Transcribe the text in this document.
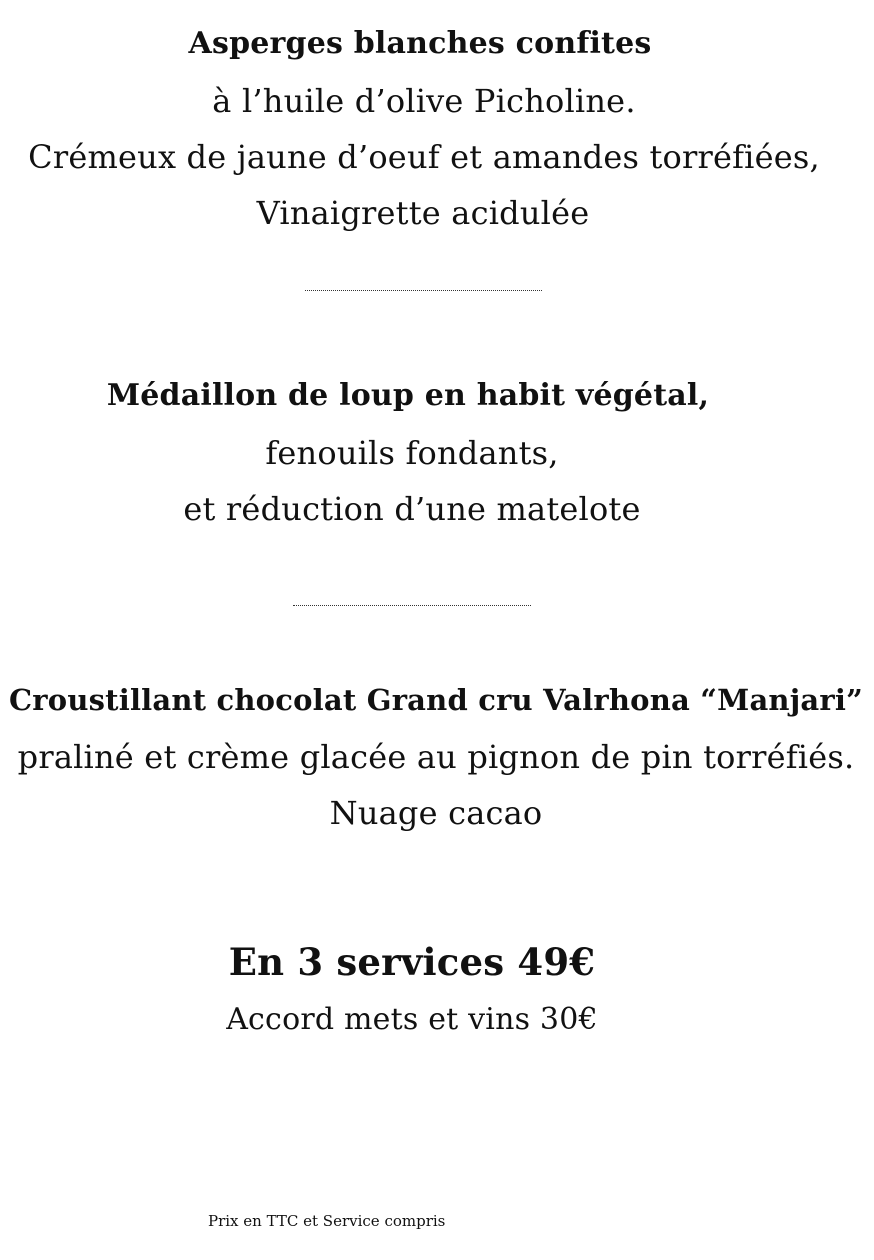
Asperges blanches confites
à l’huile d’olive Picholine.
Crémeux de jaune d’oeuf et amandes torréfiées,
Vinaigrette acidulée
Médaillon de loup en habit végétal,
fenouils fondants,
et réduction d’une matelote
Croustillant chocolat Grand cru Valrhona “Manjari”
praliné et crème glacée au pignon de pin torréfiés.
Nuage cacao
En 3 services 49€
Accord mets et vins 30€
Prix en TTC et Service compris
